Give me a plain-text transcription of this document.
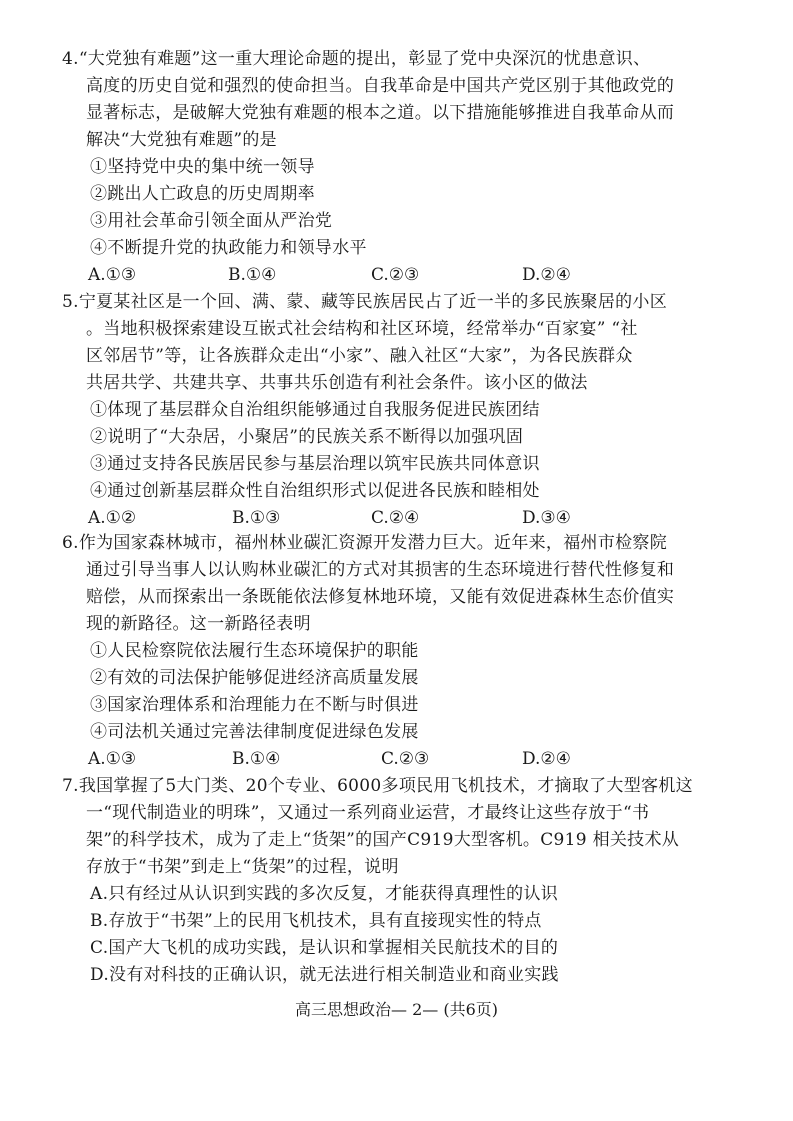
4.“大党独有难题”这一重大理论命题的提出，彰显了党中央深沉的忧患意识、
高度的历史自觉和强烈的使命担当。自我革命是中国共产党区别于其他政党的
显著标志，是破解大党独有难题的根本之道。以下措施能够推进自我革命从而
解决“大党独有难题”的是
①坚持党中央的集中统一领导
②跳出人亡政息的历史周期率
③用社会革命引领全面从严治党
④不断提升党的执政能力和领导水平
A.①③	B.①④	C.②③	D.②④
5.宁夏某社区是一个回、满、蒙、藏等民族居民占了近一半的多民族聚居的小区
。当地积极探索建设互嵌式社会结构和社区环境，经常举办“百家宴” “社
区邻居节”等，让各族群众走出“小家”、融入社区“大家”，为各民族群众
共居共学、共建共享、共事共乐创造有利社会条件。该小区的做法
①体现了基层群众自治组织能够通过自我服务促进民族团结
②说明了“大杂居，小聚居”的民族关系不断得以加强巩固
③通过支持各民族居民参与基层治理以筑牢民族共同体意识
④通过创新基层群众性自治组织形式以促进各民族和睦相处
A.①②	B.①③	C.②④	D.③④
6.作为国家森林城市，福州林业碳汇资源开发潜力巨大。近年来，福州市检察院
通过引导当事人以认购林业碳汇的方式对其损害的生态环境进行替代性修复和
赔偿，从而探索出一条既能依法修复林地环境，又能有效促进森林生态价值实
现的新路径。这一新路径表明
①人民检察院依法履行生态环境保护的职能
②有效的司法保护能够促进经济高质量发展
③国家治理体系和治理能力在不断与时俱进
④司法机关通过完善法律制度促进绿色发展
A.①③	B.①④	C.②③	D.②④
7.我国掌握了5大门类、20个专业、6000多项民用飞机技术，才摘取了大型客机这
一“现代制造业的明珠”，又通过一系列商业运营，才最终让这些存放于“书
架”的科学技术，成为了走上“货架”的国产C919大型客机。C919 相关技术从
存放于“书架”到走上“货架”的过程，说明
A.只有经过从认识到实践的多次反复，才能获得真理性的认识
B.存放于“书架”上的民用飞机技术，具有直接现实性的特点
C.国产大飞机的成功实践，是认识和掌握相关民航技术的目的
D.没有对科技的正确认识，就无法进行相关制造业和商业实践
高三思想政治— 2— (共6页)
